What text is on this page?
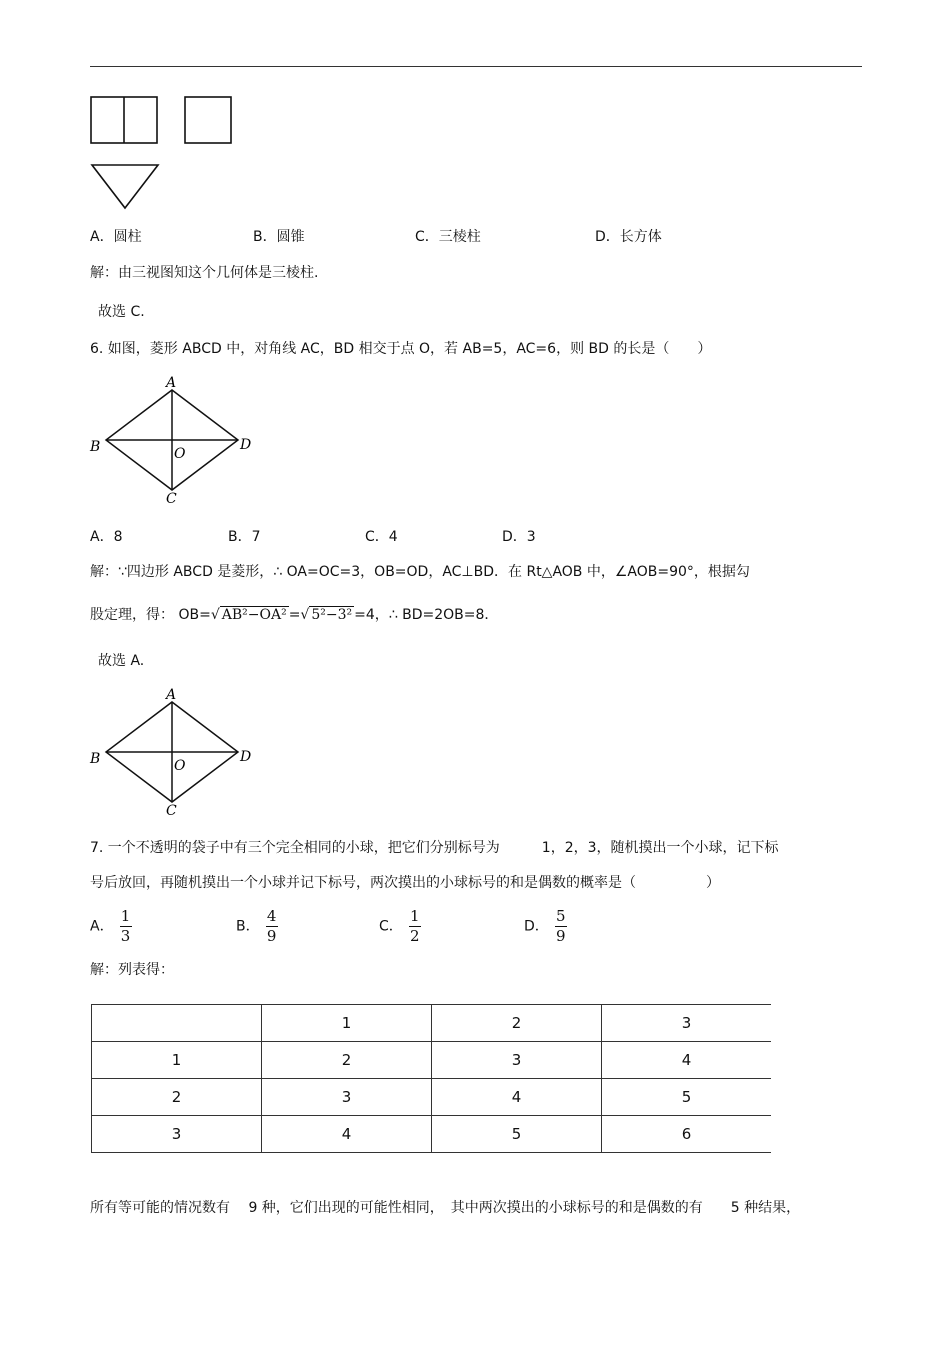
A．圆柱	B．圆锥	C．三棱柱	D．长方体
解：由三视图知这个几何体是三棱柱.
故选 C.
6. 如图，菱形 ABCD 中，对角线 AC，BD 相交于点 O，若 AB=5，AC=6，则 BD 的长是（　　）
A
B
C
D
O
A．8	B．7	C．4	D．3
解：∵四边形 ABCD 是菱形，∴ OA=OC=3，OB=OD，AC⊥BD．在 Rt△AOB 中，∠AOB=90°，根据勾
股定理，得： OB=√ AB²−OA² =√ 5²−3² =4，∴ BD=2OB=8．
故选 A.
A
B
C
D
O
7. 一个不透明的袋子中有三个完全相同的小球，把它们分别标号为　　　1，2，3，随机摸出一个小球，记下标
号后放回，再随机摸出一个小球并记下标号，两次摸出的小球标号的和是偶数的概率是（　　　　　）
A． $\frac{1}{3}$	B． $\frac{4}{9}$	C． $\frac{1}{2}$	D． $\frac{5}{9}$
解：列表得：
	1	2	3
1	2	3	4
2	3	4	5
3	4	5	6
所有等可能的情况数有　 9 种，它们出现的可能性相同，　其中两次摸出的小球标号的和是偶数的有　　5 种结果，
